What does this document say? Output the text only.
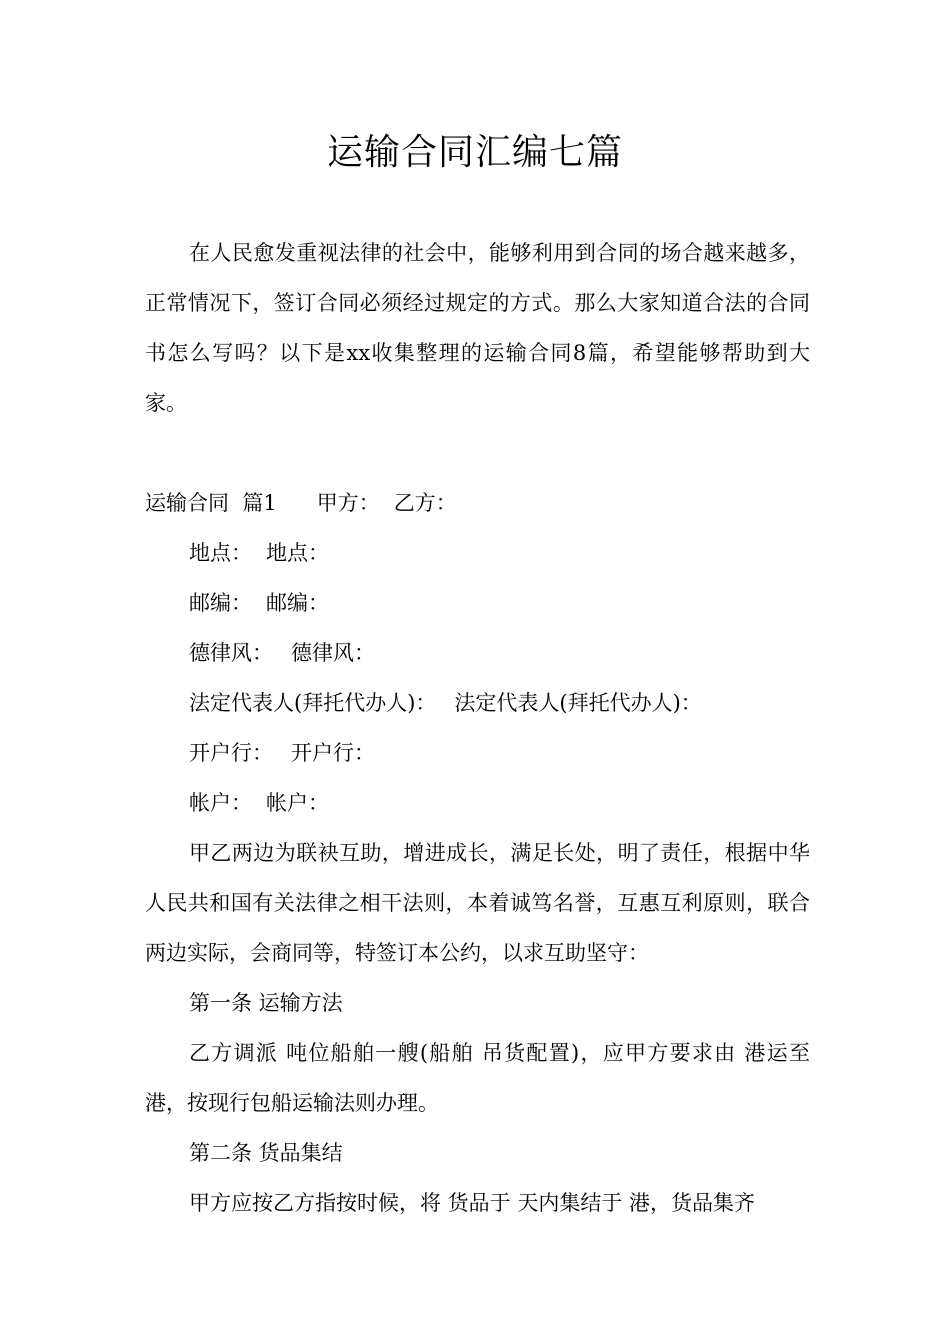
运输合同汇编七篇

在人民愈发重视法律的社会中，能够利用到合同的场合越来越多，正常情况下，签订合同必须经过规定的方式。那么大家知道合法的合同书怎么写吗？以下是xx收集整理的运输合同8篇，希望能够帮助到大家。

运输合同  篇1 甲方： 乙方：

地点： 地点：

邮编： 邮编：

德律风： 德律风：

法定代表人(拜托代办人)： 法定代表人(拜托代办人)：

开户行： 开户行：

帐户： 帐户：

甲乙两边为联袂互助，增进成长，满足长处，明了责任，根据中华人民共和国有关法律之相干法则，本着诚笃名誉，互惠互利原则，联合两边实际，会商同等，特签订本公约，以求互助坚守：

第一条 运输方法

乙方调派 吨位船舶一艘(船舶 吊货配置)，应甲方要求由 港运至 港，按现行包船运输法则办理。

第二条 货品集结

甲方应按乙方指按时候，将 货品于 天内集结于 港，货品集齐
